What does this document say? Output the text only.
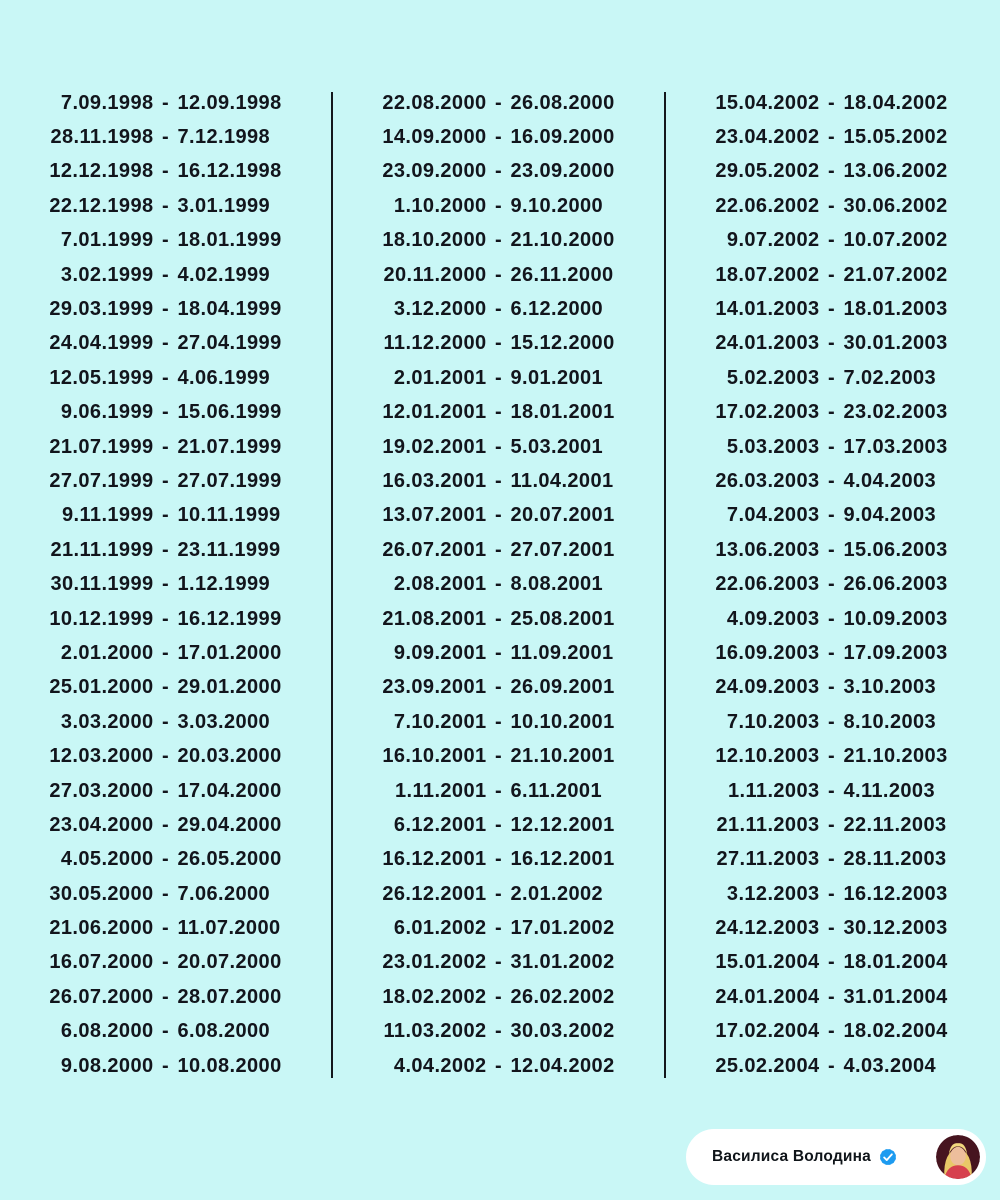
7.09.1998 - 12.09.1998
28.11.1998 - 7.12.1998
12.12.1998 - 16.12.1998
22.12.1998 - 3.01.1999
7.01.1999 - 18.01.1999
3.02.1999 - 4.02.1999
29.03.1999 - 18.04.1999
24.04.1999 - 27.04.1999
12.05.1999 - 4.06.1999
9.06.1999 - 15.06.1999
21.07.1999 - 21.07.1999
27.07.1999 - 27.07.1999
9.11.1999 - 10.11.1999
21.11.1999 - 23.11.1999
30.11.1999 - 1.12.1999
10.12.1999 - 16.12.1999
2.01.2000 - 17.01.2000
25.01.2000 - 29.01.2000
3.03.2000 - 3.03.2000
12.03.2000 - 20.03.2000
27.03.2000 - 17.04.2000
23.04.2000 - 29.04.2000
4.05.2000 - 26.05.2000
30.05.2000 - 7.06.2000
21.06.2000 - 11.07.2000
16.07.2000 - 20.07.2000
26.07.2000 - 28.07.2000
6.08.2000 - 6.08.2000
9.08.2000 - 10.08.2000
22.08.2000 - 26.08.2000
14.09.2000 - 16.09.2000
23.09.2000 - 23.09.2000
1.10.2000 - 9.10.2000
18.10.2000 - 21.10.2000
20.11.2000 - 26.11.2000
3.12.2000 - 6.12.2000
11.12.2000 - 15.12.2000
2.01.2001 - 9.01.2001
12.01.2001 - 18.01.2001
19.02.2001 - 5.03.2001
16.03.2001 - 11.04.2001
13.07.2001 - 20.07.2001
26.07.2001 - 27.07.2001
2.08.2001 - 8.08.2001
21.08.2001 - 25.08.2001
9.09.2001 - 11.09.2001
23.09.2001 - 26.09.2001
7.10.2001 - 10.10.2001
16.10.2001 - 21.10.2001
1.11.2001 - 6.11.2001
6.12.2001 - 12.12.2001
16.12.2001 - 16.12.2001
26.12.2001 - 2.01.2002
6.01.2002 - 17.01.2002
23.01.2002 - 31.01.2002
18.02.2002 - 26.02.2002
11.03.2002 - 30.03.2002
4.04.2002 - 12.04.2002
15.04.2002 - 18.04.2002
23.04.2002 - 15.05.2002
29.05.2002 - 13.06.2002
22.06.2002 - 30.06.2002
9.07.2002 - 10.07.2002
18.07.2002 - 21.07.2002
14.01.2003 - 18.01.2003
24.01.2003 - 30.01.2003
5.02.2003 - 7.02.2003
17.02.2003 - 23.02.2003
5.03.2003 - 17.03.2003
26.03.2003 - 4.04.2003
7.04.2003 - 9.04.2003
13.06.2003 - 15.06.2003
22.06.2003 - 26.06.2003
4.09.2003 - 10.09.2003
16.09.2003 - 17.09.2003
24.09.2003 - 3.10.2003
7.10.2003 - 8.10.2003
12.10.2003 - 21.10.2003
1.11.2003 - 4.11.2003
21.11.2003 - 22.11.2003
27.11.2003 - 28.11.2003
3.12.2003 - 16.12.2003
24.12.2003 - 30.12.2003
15.01.2004 - 18.01.2004
24.01.2004 - 31.01.2004
17.02.2004 - 18.02.2004
25.02.2004 - 4.03.2004
Василиса Володина
